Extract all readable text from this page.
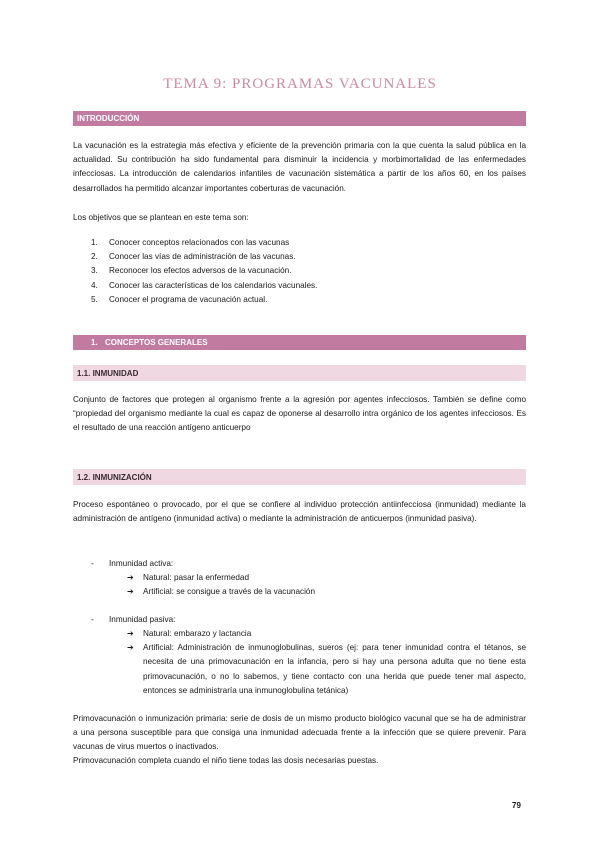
TEMA 9: PROGRAMAS VACUNALES
INTRODUCCIÓN

La vacunación es la estrategia más efectiva y eficiente de la prevención primaria con la que cuenta la salud pública en la actualidad. Su contribución ha sido fundamental para disminuir la incidencia y morbimortalidad de las enfermedades infecciosas. La introducción de calendarios infantiles de vacunación sistemática a partir de los años 60, en los países desarrollados ha permitido alcanzar importantes coberturas de vacunación.

Los objetivos que se plantean en este tema son:

1.	Conocer conceptos relacionados con las vacunas
2.	Conocer las vías de administración de las vacunas.
3.	Reconocer los efectos adversos de la vacunación.
4.	Conocer las características de los calendarios vacunales.
5.	Conocer el programa de vacunación actual.
1. CONCEPTOS GENERALES
1.1. INMUNIDAD

Conjunto de factores que protegen al organismo frente a la agresión por agentes infecciosos. También se define como “propiedad del organismo mediante la cual es capaz de oponerse al desarrollo intra orgánico de los agentes infecciosos. Es el resultado de una reacción antígeno anticuerpo

1.2. INMUNIZACIÓN

Proceso espontáneo o provocado, por el que se confiere al individuo protección antiinfecciosa (inmunidad) mediante la administración de antígeno (inmunidad activa) o mediante la administración de anticuerpos (inmunidad pasiva).

- Inmunidad activa:
➔	Natural: pasar la enfermedad
➔	Artificial: se consigue a través de la vacunación
- Inmunidad pasiva:
➔	Natural: embarazo y lactancia
➔	Artificial: Administración de inmunoglobulinas, sueros (ej: para tener inmunidad contra el tétanos, se necesita de una primovacunación en la infancia, pero si hay una persona adulta que no tiene esta primovacunación, o no lo sabemos, y tiene contacto con una herida que puede tener mal aspecto, entonces se administraría una inmunoglobulina tetánica)

Primovacunación o inmunización primaria: serie de dosis de un mismo producto biológico vacunal que se ha de administrar a una persona susceptible para que consiga una inmunidad adecuada frente a la infección que se quiere prevenir. Para vacunas de virus muertos o inactivados.

Primovacunación completa cuando el niño tiene todas las dosis necesarias puestas.

79
